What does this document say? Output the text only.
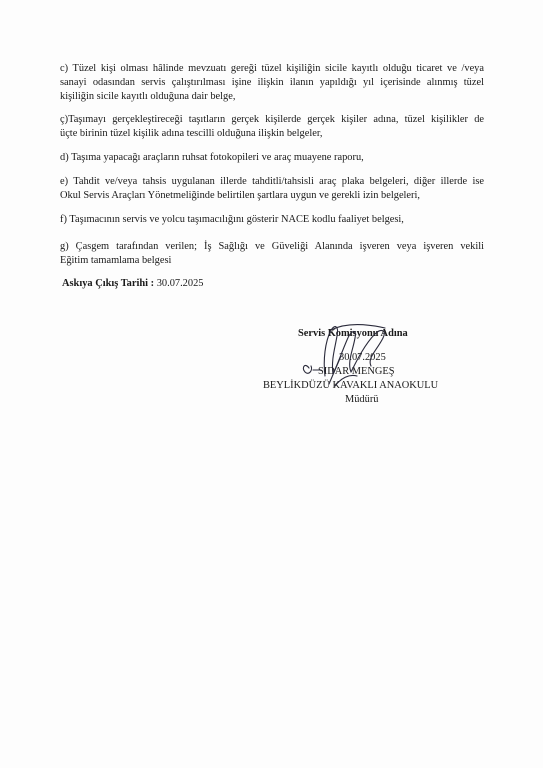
c) Tüzel kişi olması hâlinde mevzuatı gereği tüzel kişiliğin sicile kayıtlı olduğu ticaret ve /veya
sanayi odasından servis çalıştırılması işine ilişkin ilanın yapıldığı yıl içerisinde alınmış tüzel
kişiliğin sicile kayıtlı olduğuna dair belge,
ç)Taşımayı gerçekleştireceği taşıtların gerçek kişilerde gerçek kişiler adına, tüzel kişilikler de
üçte birinin tüzel kişilik adına tescilli olduğuna ilişkin belgeler,
d) Taşıma yapacağı araçların ruhsat fotokopileri ve araç muayene raporu,
e) Tahdit ve/veya tahsis uygulanan illerde tahditli/tahsisli araç plaka belgeleri, diğer illerde ise
Okul Servis Araçları Yönetmeliğinde belirtilen şartlara uygun ve gerekli izin belgeleri,
f) Taşımacının servis ve yolcu taşımacılığını gösterir NACE kodlu faaliyet belgesi,
g) Çasgem tarafından verilen; İş Sağlığı ve Güveliği Alanında işveren veya işveren vekili
Eğitim tamamlama belgesi
Askıya Çıkış Tarihi : 30.07.2025
Servis Komisyonu Adına
30.07.2025
SIDAR MENGEŞ
BEYLİKDÜZÜ KAVAKLI ANAOKULU
Müdürü
